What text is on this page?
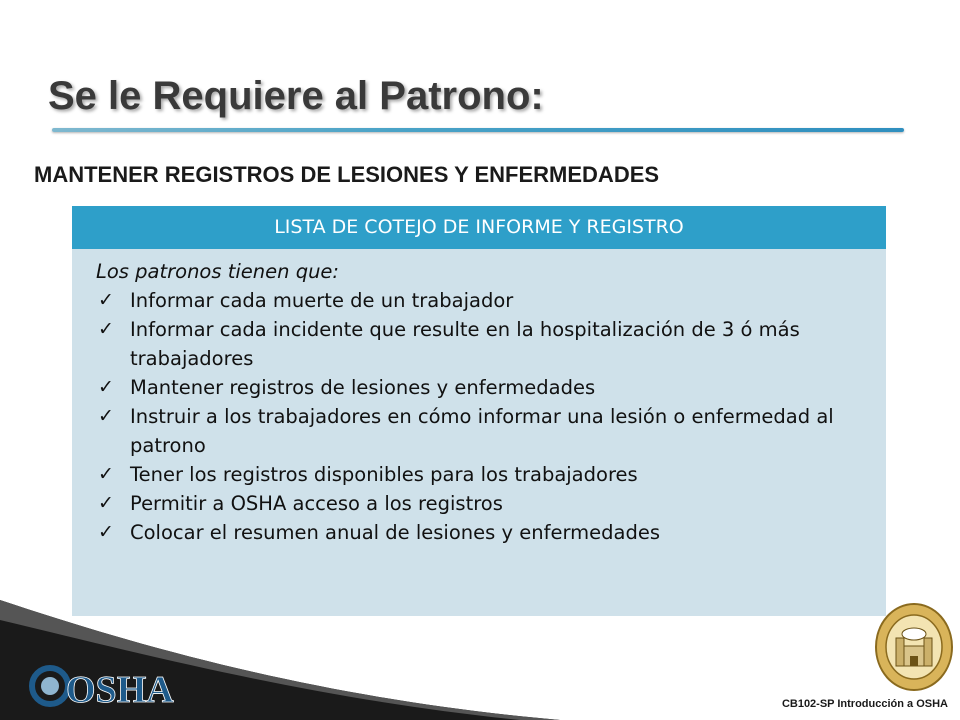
Se le Requiere al Patrono:
MANTENER REGISTROS DE LESIONES Y ENFERMEDADES
LISTA DE COTEJO DE INFORME Y REGISTRO
Los patronos tienen que:
✓ Informar cada muerte de un trabajador
✓ Informar cada incidente que resulte en la hospitalización de 3 ó más trabajadores
✓ Mantener registros de lesiones y enfermedades
✓ Instruir a los trabajadores en cómo informar una lesión o enfermedad al patrono
✓ Tener los registros disponibles para los trabajadores
✓ Permitir a OSHA acceso a los registros
✓ Colocar el resumen anual de lesiones y enfermedades
OSHA	CB102-SP Introducción a OSHA
